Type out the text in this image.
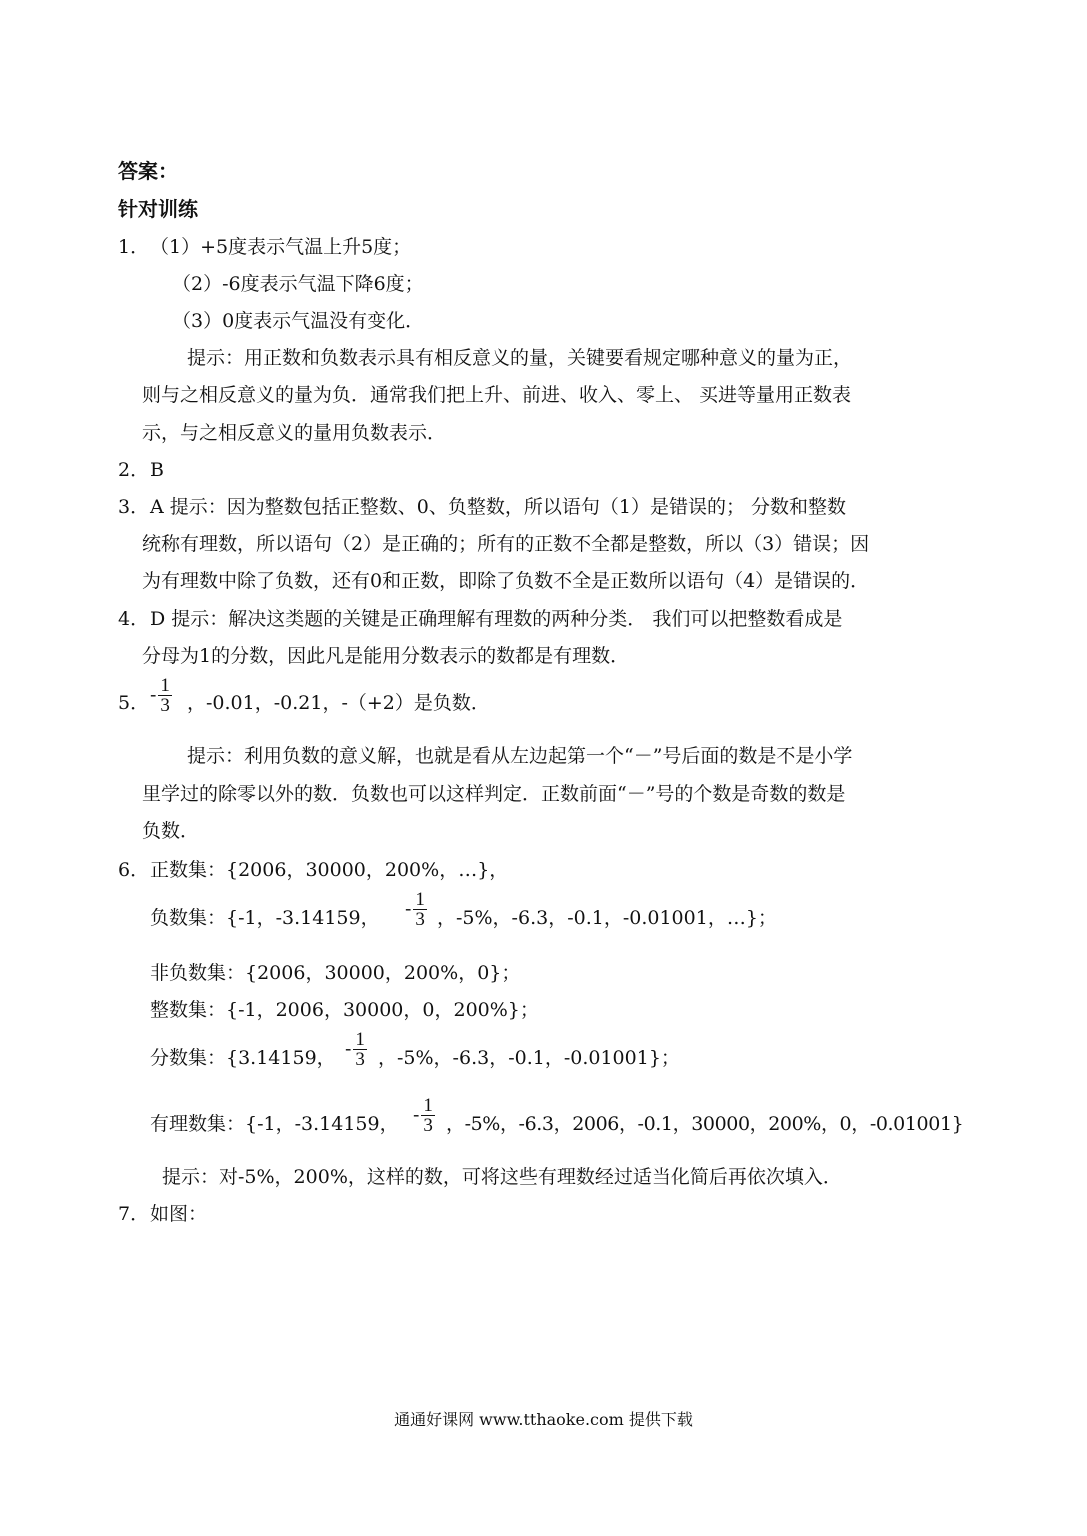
答案：
针对训练
1． （1）+5度表示气温上升5度；
（2）-6度表示气温下降6度；
（3）0度表示气温没有变化．
提示：用正数和负数表示具有相反意义的量，关键要看规定哪种意义的量为正，
则与之相反意义的量为负．通常我们把上升、前进、收入、零上、 买进等量用正数表
示，与之相反意义的量用负数表示．
2． B
3． A 提示：因为整数包括正整数、0、负整数，所以语句（1）是错误的； 分数和整数
统称有理数，所以语句（2）是正确的；所有的正数不全都是整数，所以（3）错误；因
为有理数中除了负数，还有0和正数，即除了负数不全是正数所以语句（4）是错误的．
4． D 提示：解决这类题的关键是正确理解有理数的两种分类． 我们可以把整数看成是
分母为1的分数，因此凡是能用分数表示的数都是有理数．
5． - $\frac{1}{3}$ ，-0.01，-0.21，-（+2）是负数．
提示：利用负数的意义解，也就是看从左边起第一个“－”号后面的数是不是小学
里学过的除零以外的数．负数也可以这样判定．正数前面“－”号的个数是奇数的数是
负数．
6． 正数集：{2006，30000，200%，…}，
负数集：{-1，-3.14159， - $\frac{1}{3}$ ，-5%，-6.3，-0.1，-0.01001，…}；
非负数集：{2006，30000，200%，0}；
整数集：{-1，2006，30000，0，200%}；
分数集：{3.14159， - $\frac{1}{3}$ ，-5%，-6.3，-0.1，-0.01001}；
有理数集：{-1，-3.14159， - $\frac{1}{3}$ ，-5%，-6.3，2006，-0.1，30000，200%，0，-0.01001}
提示：对-5%，200%，这样的数，可将这些有理数经过适当化简后再依次填入．
7． 如图：
通通好课网 www.tthaoke.com 提供下载
